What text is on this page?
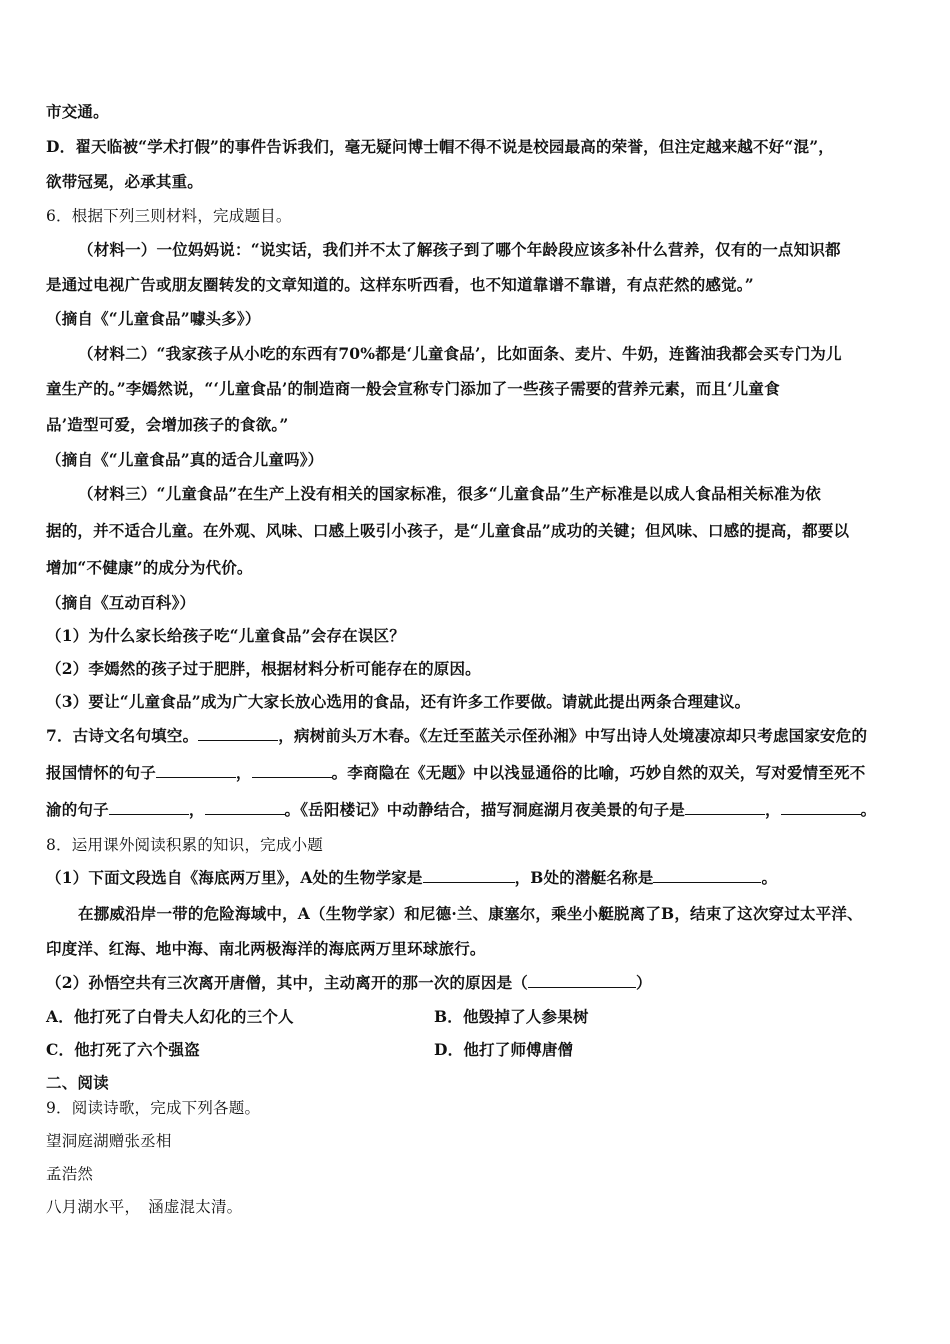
市交通。
D．翟天临被“学术打假”的事件告诉我们，毫无疑问博士帽不得不说是校园最高的荣誉，但注定越来越不好“混”，
欲带冠冕，必承其重。
6．根据下列三则材料，完成题目。
（材料一）一位妈妈说：“说实话，我们并不太了解孩子到了哪个年龄段应该多补什么营养，仅有的一点知识都
是通过电视广告或朋友圈转发的文章知道的。这样东听西看，也不知道靠谱不靠谱，有点茫然的感觉。”
（摘自《“儿童食品”噱头多》）
（材料二）“我家孩子从小吃的东西有70%都是‘儿童食品’，比如面条、麦片、牛奶，连酱油我都会买专门为儿
童生产的。”李嫣然说，“‘儿童食品’的制造商一般会宣称专门添加了一些孩子需要的营养元素，而且‘儿童食
品’造型可爱，会增加孩子的食欲。”
（摘自《“儿童食品”真的适合儿童吗》）
（材料三）“儿童食品”在生产上没有相关的国家标准，很多“儿童食品”生产标准是以成人食品相关标准为依
据的，并不适合儿童。在外观、风味、口感上吸引小孩子，是“儿童食品”成功的关键；但风味、口感的提高，都要以
增加“不健康”的成分为代价。
（摘自《互动百科》）
（1）为什么家长给孩子吃“儿童食品”会存在误区？
（2）李嫣然的孩子过于肥胖，根据材料分析可能存在的原因。
（3）要让“儿童食品”成为广大家长放心选用的食品，还有许多工作要做。请就此提出两条合理建议。
7．古诗文名句填空。	，病树前头万木春。《左迁至蓝关示侄孙湘》中写出诗人处境凄凉却只考虑国家安危的
报国情怀的句子	，	。李商隐在《无题》中以浅显通俗的比喻，巧妙自然的双关，写对爱情至死不
渝的句子	，	。《岳阳楼记》中动静结合，描写洞庭湖月夜美景的句子是	，	。
8．运用课外阅读积累的知识，完成小题
（1）下面文段选自《海底两万里》，A处的生物学家是	，B处的潜艇名称是	。
在挪威沿岸一带的危险海域中，A（生物学家）和尼德·兰、康塞尔，乘坐小艇脱离了B，结束了这次穿过太平洋、
印度洋、红海、地中海、南北两极海洋的海底两万里环球旅行。
（2）孙悟空共有三次离开唐僧，其中，主动离开的那一次的原因是（	）
A．他打死了白骨夫人幻化的三个人	B．他毁掉了人参果树
C．他打死了六个强盗	D．他打了师傅唐僧
二、阅读
9．阅读诗歌，完成下列各题。
望洞庭湖赠张丞相
孟浩然
八月湖水平，　涵虚混太清。
